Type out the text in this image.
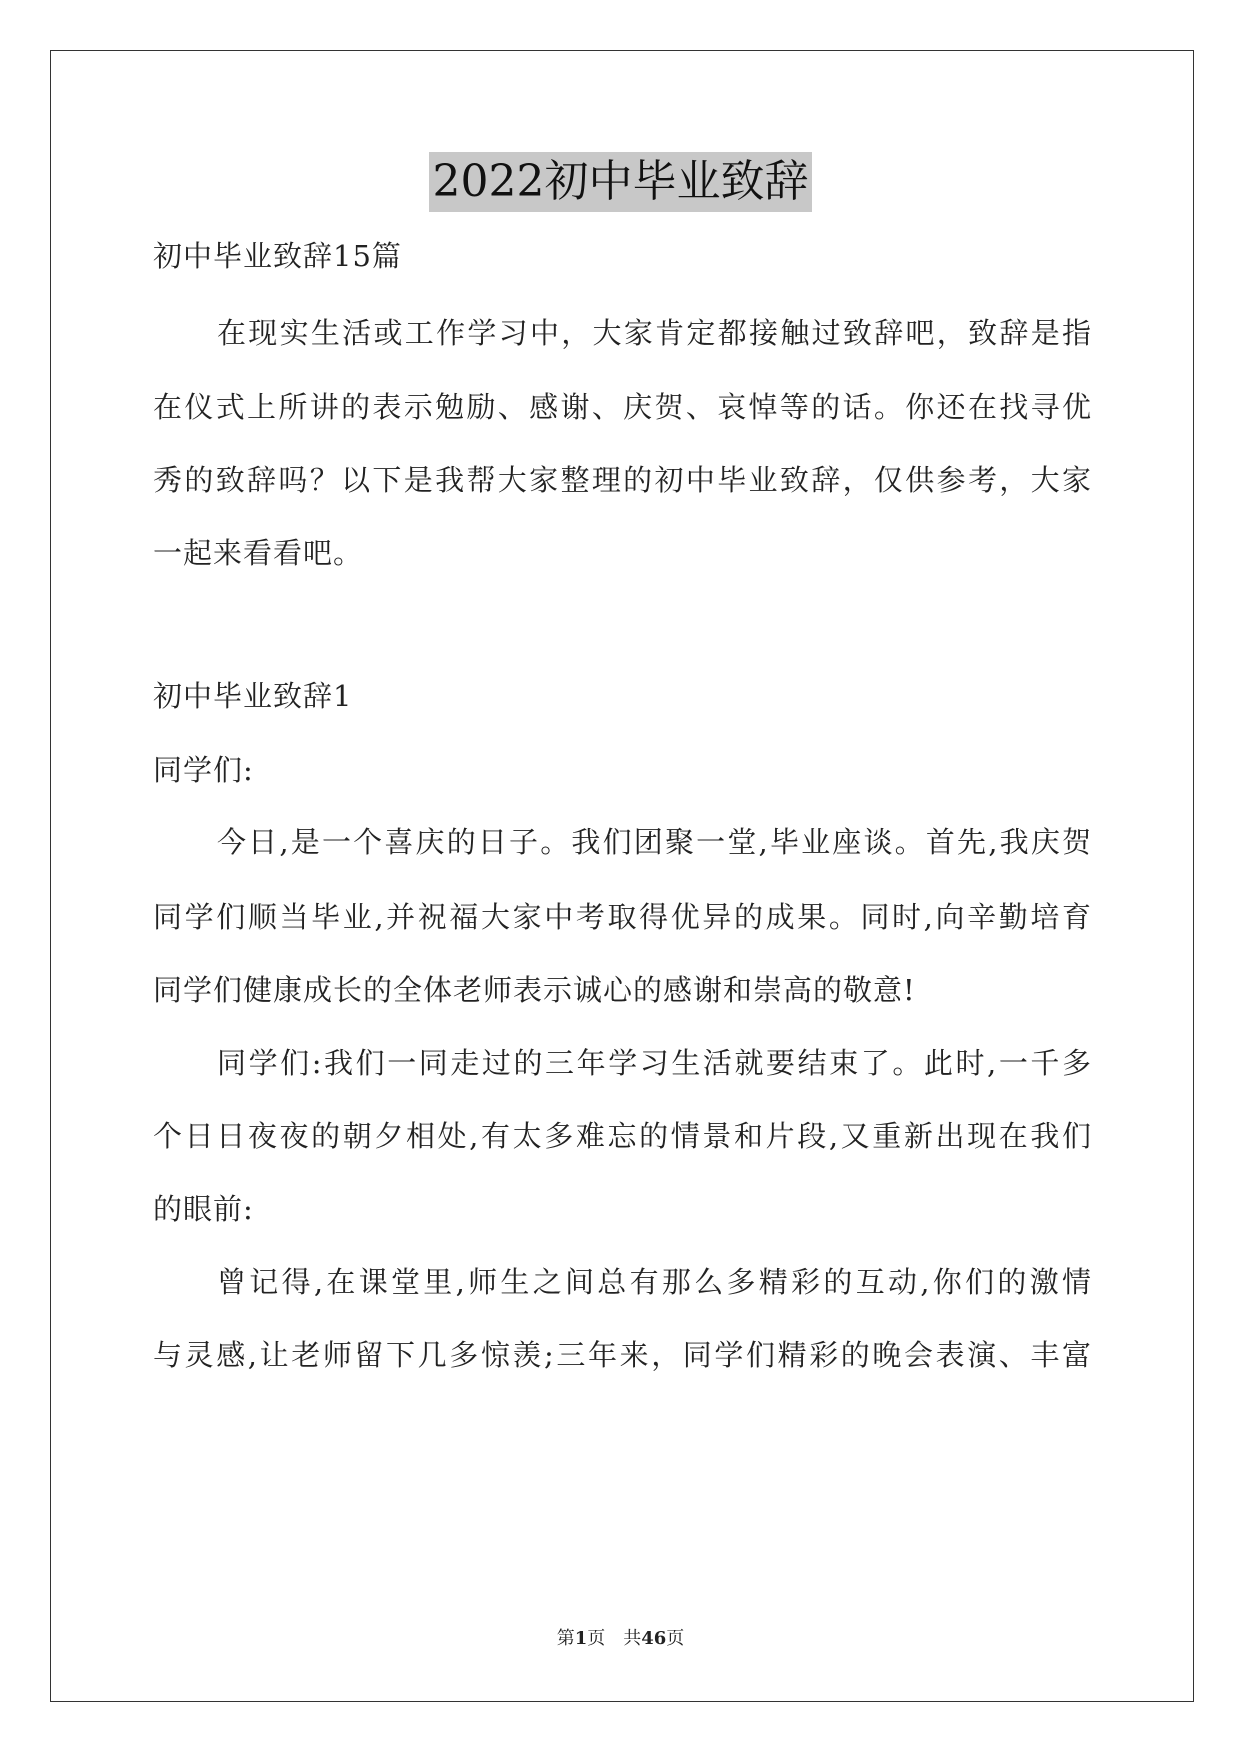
2022初中毕业致辞
初中毕业致辞15篇
在现实生活或工作学习中，大家肯定都接触过致辞吧，致辞是指
在仪式上所讲的表示勉励、感谢、庆贺、哀悼等的话。你还在找寻优
秀的致辞吗？以下是我帮大家整理的初中毕业致辞，仅供参考，大家
一起来看看吧。
初中毕业致辞1
同学们:
今日,是一个喜庆的日子。我们团聚一堂,毕业座谈。首先,我庆贺
同学们顺当毕业,并祝福大家中考取得优异的成果。同时,向辛勤培育
同学们健康成长的全体老师表示诚心的感谢和崇高的敬意!
同学们:我们一同走过的三年学习生活就要结束了。此时,一千多
个日日夜夜的朝夕相处,有太多难忘的情景和片段,又重新出现在我们
的眼前:
曾记得,在课堂里,师生之间总有那么多精彩的互动,你们的激情
与灵感,让老师留下几多惊羡;三年来，同学们精彩的晚会表演、丰富
第1页　共46页
